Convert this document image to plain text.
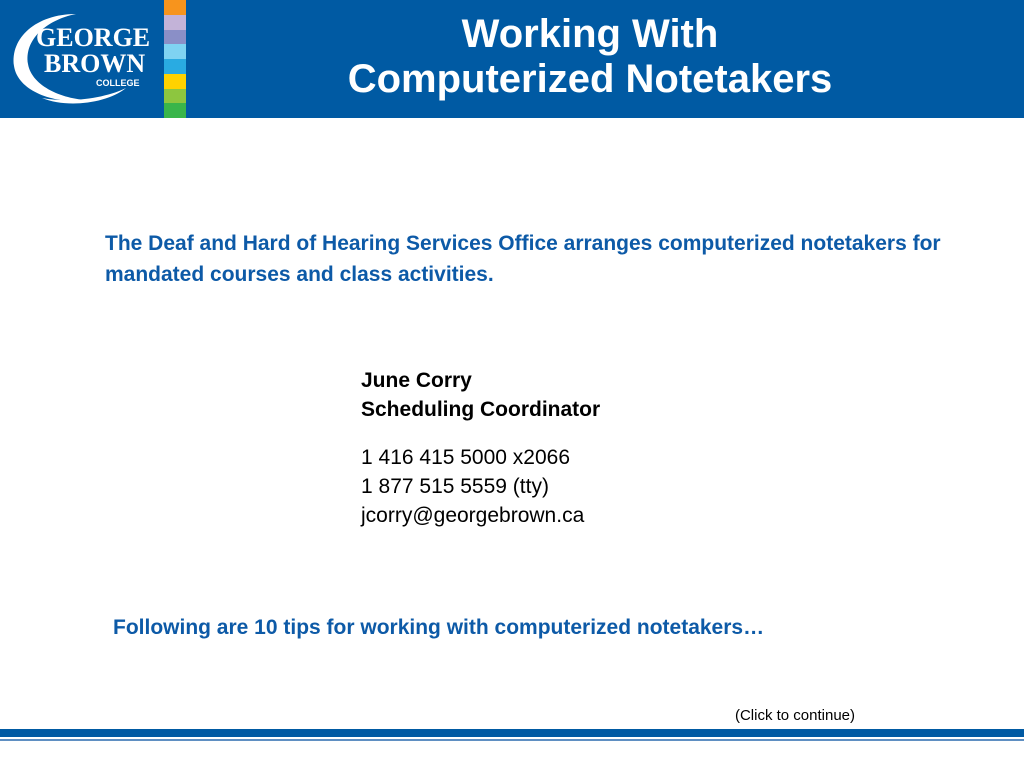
GEORGE
BROWN
COLLEGE
Working With
Computerized Notetakers
The Deaf and Hard of Hearing Services Office arranges computerized notetakers for mandated courses and class activities.
June Corry
Scheduling Coordinator
1 416 415 5000 x2066
1 877 515 5559 (tty)
jcorry@georgebrown.ca
Following are 10 tips for working with computerized notetakers…
(Click to continue)
